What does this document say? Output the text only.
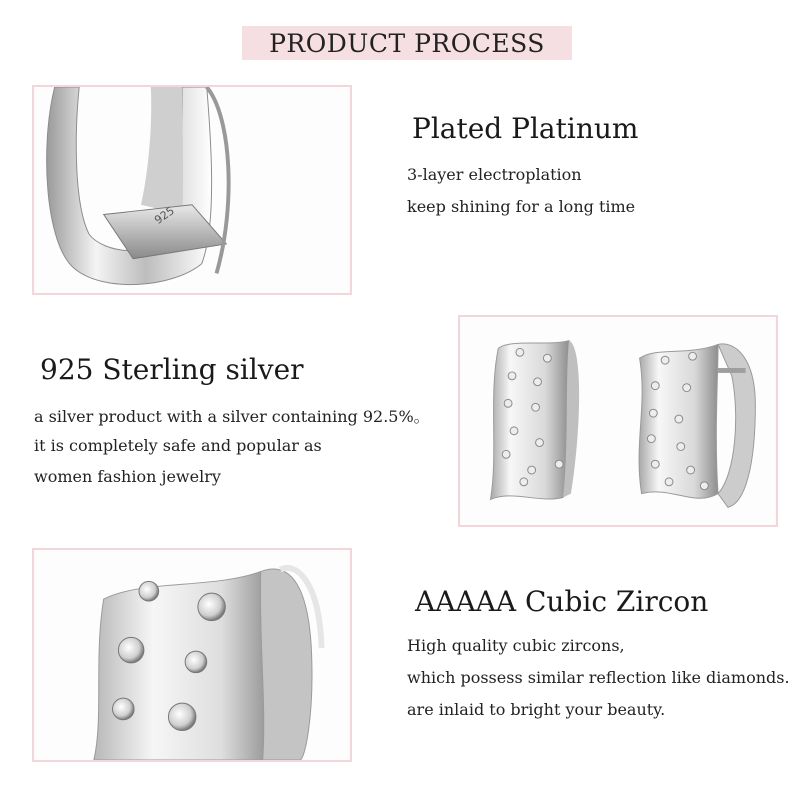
PRODUCT PROCESS
925
Plated Platinum
3-layer electroplation
keep shining for a long time
925 Sterling silver
a silver product with a silver containing 92.5%。
it is completely safe and popular as
women fashion jewelry
AAAAA Cubic Zircon
High quality cubic zircons,
which possess similar reflection like diamonds.
are inlaid to bright your beauty.
